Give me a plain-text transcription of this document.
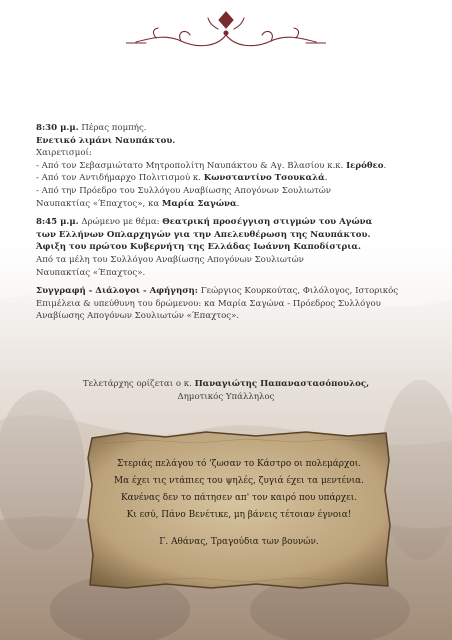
8:30 μ.μ. Πέρας πομπής.

Ενετικό λιμάνι Ναυπάκτου.

Χαιρετισμοί:

- Από τον Σεβασμιώτατο Μητροπολίτη Ναυπάκτου & Αγ. Βλασίου κ.κ. Ιερόθεο.

- Από τον Αντιδήμαρχο Πολιτισμού κ. Κωνσταντίνο Τσουκαλά.

- Από την Πρόεδρο του Συλλόγου Αναβίωσης Απογόνων Σουλιωτών

Ναυπακτίας «Έπαχτος», κα Μαρία Σαγώνα.

8:45 μ.μ. Δρώμενο με θέμα: Θεατρική προσέγγιση στιγμών του Αγώνα

των Ελλήνων Οπλαρχηγών για την Απελευθέρωση της Ναυπάκτου.

Άφιξη του πρώτου Κυβερνήτη της Ελλάδας Ιωάννη Καποδίστρια.

Από τα μέλη του Συλλόγου Αναβίωσης Απογόνων Σουλιωτών

Ναυπακτίας «Έπαχτος».

Συγγραφή - Διάλογοι - Αφήγηση: Γεώργιος Κουρκούτας, Φιλόλογος, Ιστορικός

Επιμέλεια & υπεύθυνη του δρώμενου: κα Μαρία Σαγώνα - Πρόεδρος Συλλόγου

Αναβίωσης Απογόνων Σουλιωτών «Έπαχτος».

Τελετάρχης ορίζεται ο κ. Παναγιώτης Παπαναστασόπουλος,

Δημοτικός Υπάλληλος

Στεριάς πελάγου τό 'ζωσαν το Κάστρο οι πολεμάρχοι.

Μα έχει τις ντάπιες του ψηλές, ζυγιά έχει τα μεντένια.

Κανένας δεν το πάτησεν απ' τον καιρό που υπάρχει.

Κι εσύ, Πάνο Βενέτικε, μη βάνεις τέτοιαν έγνοια!

Γ. Αθάνας, Τραγούδια των βουνών.
